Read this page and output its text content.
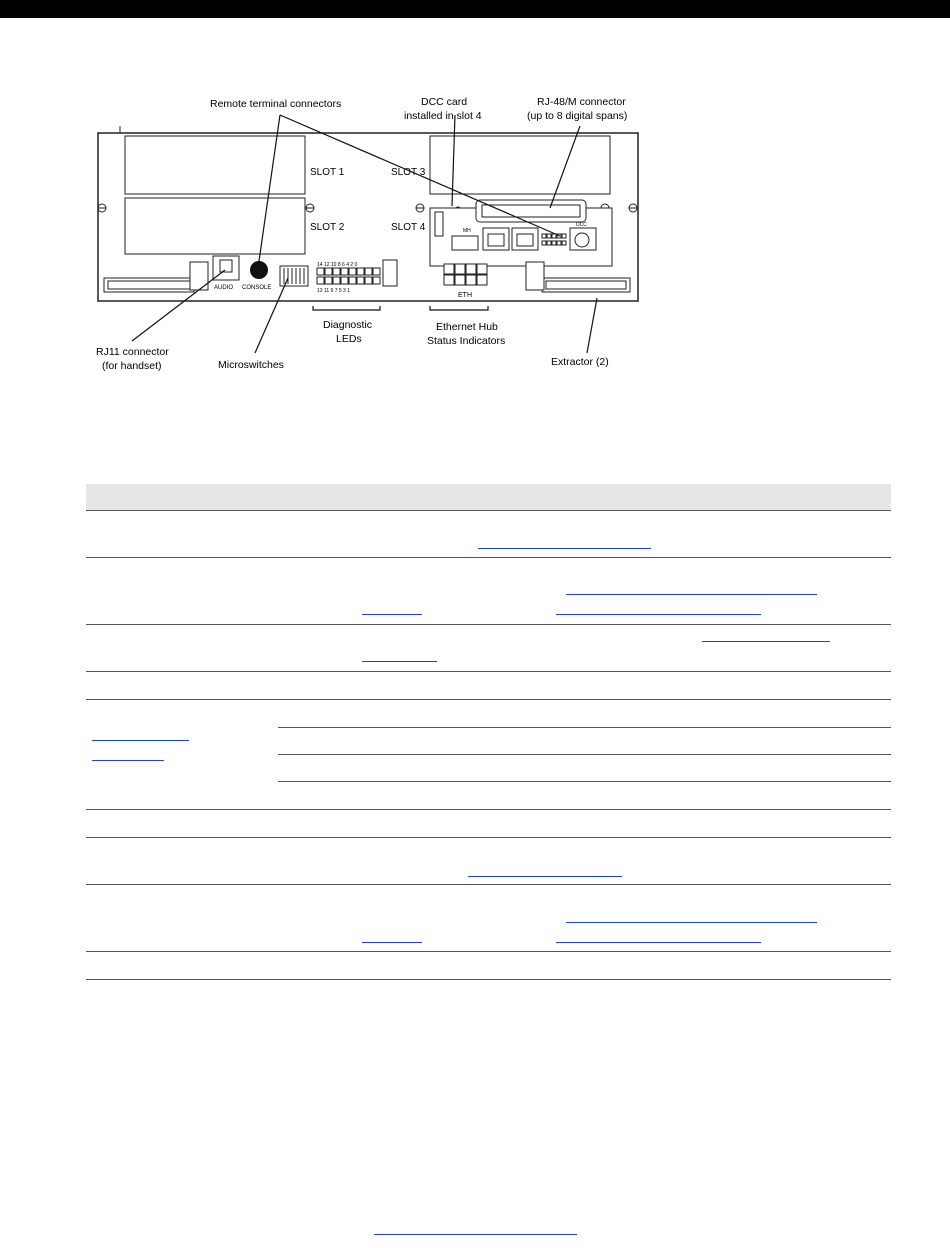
DCC
MH
SLOT 1
SLOT 2
SLOT 3
SLOT 4
AUDIO CONSOLE
14 12 10 8 6 4 2 0
13 11 9 7 5 3 1
ETH
Remote terminal connectors	DCC card
installed in slot 4
RJ-48/M connector
(up to 8 digital spans)
RJ11 connector
(for handset)	Microswitches
Diagnostic
LEDs
Ethernet Hub
Status Indicators
Extractor (2)
